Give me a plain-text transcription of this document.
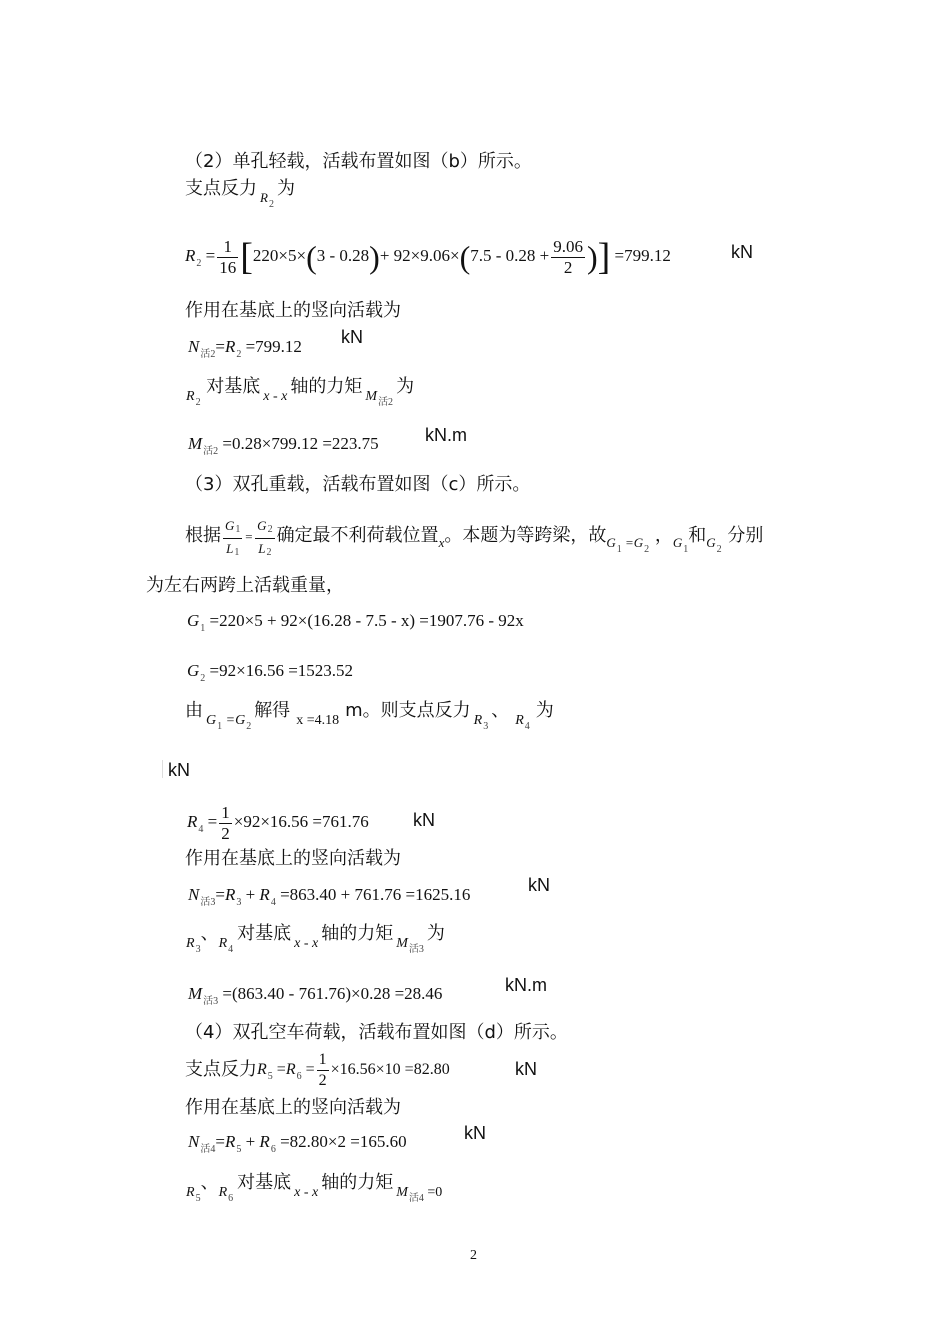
（2）单孔轻载，活载布置如图（b）所示。
支点反力 $_{R_2}$为
$R_2 = \frac{1}{16} [220\times 5\times(3 - 0.28)+ 92\times 9.06\times(7.5 - 0.28 + \frac{9.06}{2}$ )] =799.12	kN
作用在基底上的竖向活载为
$N_{活2}=R_2 =799.12$ kN
$_{R_2}$ 对基底 $_{x - x}$ 轴的力矩 $_{M_{活2}}$为
$M_{活2} =0.28\times 799.12 =223.75$	kN.m
（3）双孔重载，活载布置如图（c）所示。
根据 $\frac{G1}{L1} = \frac{G2}{L2}$ 确定最不利荷载位置$_x$。本题为等跨梁，故$_{G_1 =G_2}$ ，$_{G_1}$和$_{G_2}$ 分别
为左右两跨上活载重量，
$G_1 =220\times 5 + 92\times(16.28 - 7.5 - x) =1907.76 - 92x$
$G_2 =92\times 16.56 =1523.52$
由 $_{G_1 =G_2}$解得 $_{x =4.18}$ m。则支点反力 $_{R_3}$、 $_{R_4}$为
kN
$R_4 = \frac{1}{2} \times 92\times 16.56 =761.76$ kN
作用在基底上的竖向活载为
$N_{活3}=R_3 + R_4 =863.40 + 761.76 =1625.16$	kN
$_{R_3}$、$_{R_4}$对基底 $_{x - x}$ 轴的力矩 $_{M_{活3}}$为
$M_{活3} =(863.40 - 761.76)\times 0.28 =28.46$	kN.m
（4）双孔空车荷载，活载布置如图（d）所示。
支点反力 $R_5 =R_6 = \frac{1}{2} \times 16.56\times 10 =82.80$	kN
作用在基底上的竖向活载为
$N_{活4}=R_5 + R_6 =82.80\times 2 =165.60$	kN
$_{R_5}$、$_{R_6}$对基底 $_{x - x}$ 轴的力矩 $_{M_{活4} =0}$
2
